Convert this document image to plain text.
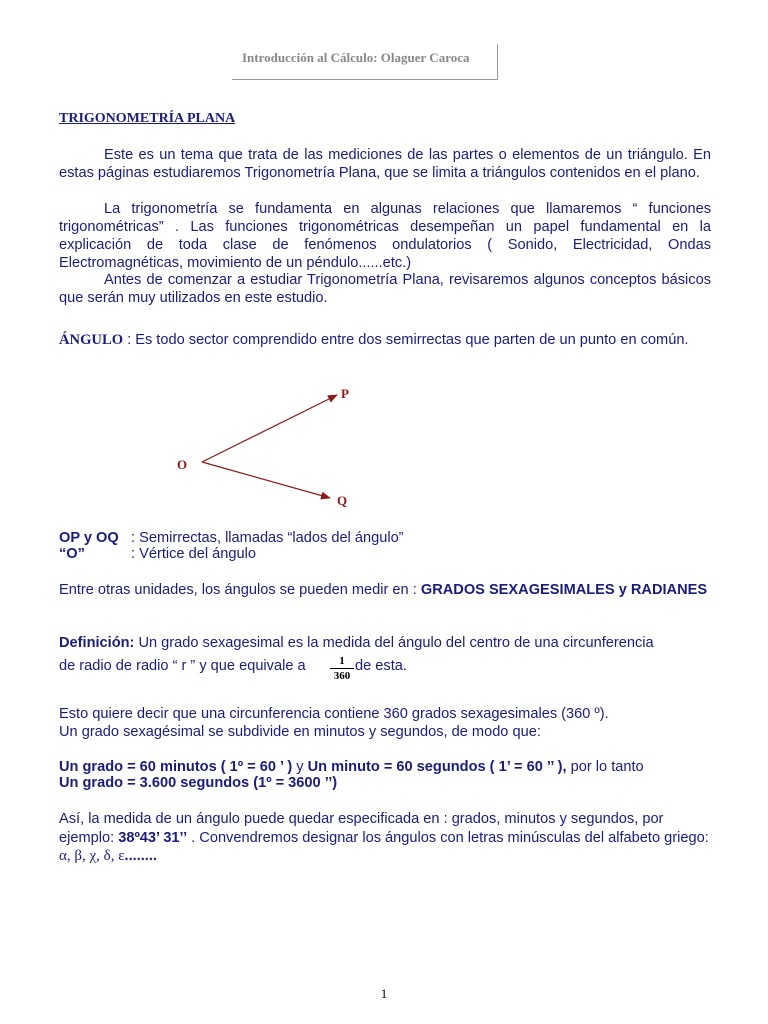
Introducción al Cálculo: Olaguer Caroca
TRIGONOMETRÍA PLANA
Este es un tema que trata de las mediciones de las partes o elementos de un triángulo. En estas páginas estudiaremos Trigonometría Plana, que se limita a triángulos contenidos en el plano.
La trigonometría se fundamenta en algunas relaciones que llamaremos “ funciones trigonométricas” . Las funciones trigonométricas desempeñan un papel fundamental en la explicación de toda clase de fenómenos ondulatorios ( Sonido, Electricidad, Ondas Electromagnéticas, movimiento de un péndulo......etc.)
Antes de comenzar a estudiar Trigonometría Plana, revisaremos algunos conceptos básicos que serán muy utilizados en este estudio.
ÁNGULO : Es todo sector comprendido entre dos semirrectas que parten de un punto en común.
O
P
Q
OP y OQ : Semirrectas, llamadas “lados del ángulo”
“O”	: Vértice del ángulo
Entre otras unidades, los ángulos se pueden medir en : GRADOS SEXAGESIMALES y RADIANES
Definición: Un grado sexagesimal es la medida del ángulo del centro de una circunferencia
de radio de radio “ r ” y que equivale a $\frac{1}{360}$ de esta.
Esto quiere decir que una circunferencia contiene 360 grados sexagesimales (360 º).
Un grado sexagésimal se subdivide en minutos y segundos, de modo que:
Un grado = 60 minutos ( 1º = 60 ’ ) y Un minuto = 60 segundos ( 1’ = 60 ’’ ), por lo tanto
Un grado = 3.600 segundos (1º = 3600 ’’)
Así, la medida de un ángulo puede quedar especificada en : grados, minutos y segundos, por ejemplo: 38º43’ 31’’ . Convendremos designar los ángulos con letras minúsculas del alfabeto griego: α, β, χ, δ, ε........
1
